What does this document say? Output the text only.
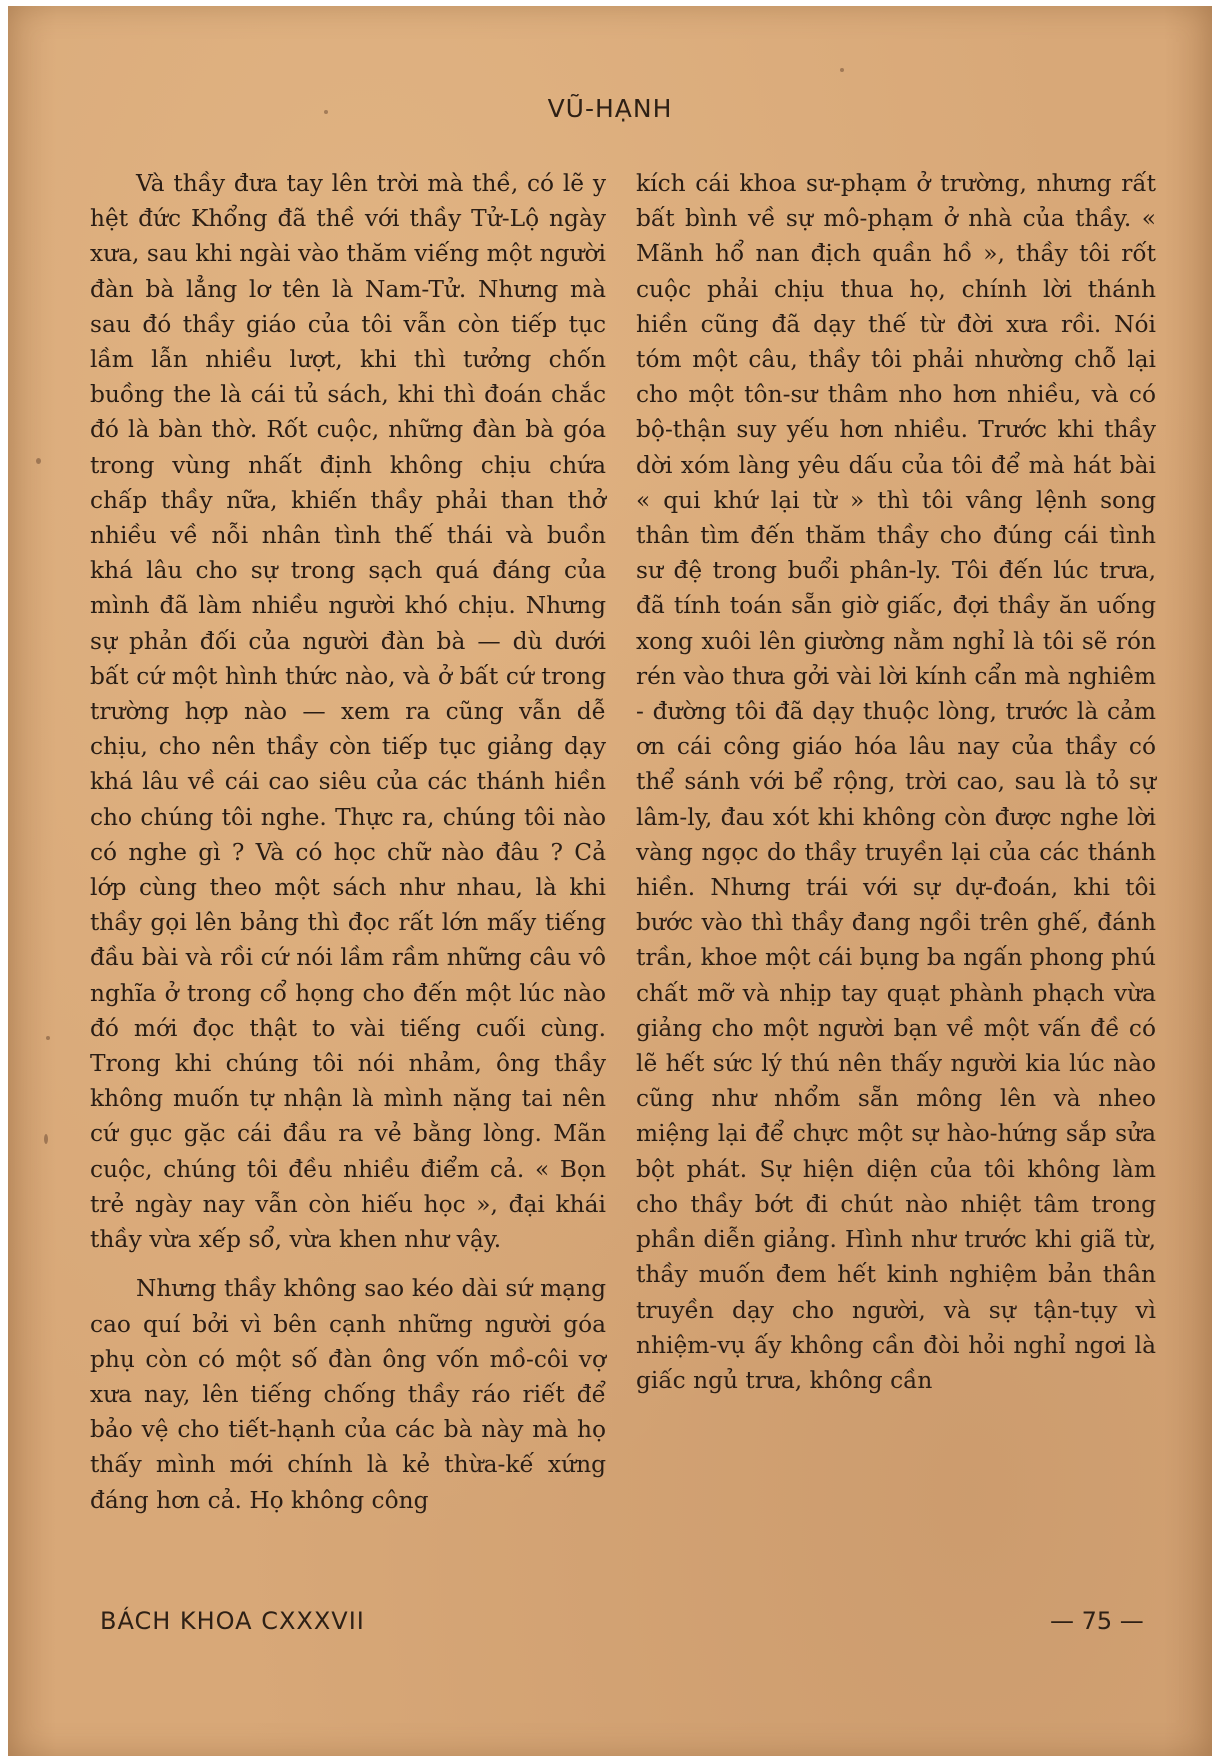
VŨ-HẠNH

Và thầy đưa tay lên trời mà thề, có lẽ y hệt đức Khổng đã thề với thầy Tử-Lộ ngày xưa, sau khi ngài vào thăm viếng một người đàn bà lẳng lơ tên là Nam-Tử. Nhưng mà sau đó thầy giáo của tôi vẫn còn tiếp tục lầm lẫn nhiều lượt, khi thì tưởng chốn buồng the là cái tủ sách, khi thì đoán chắc đó là bàn thờ. Rốt cuộc, những đàn bà góa trong vùng nhất định không chịu chứa chấp thầy nữa, khiến thầy phải than thở nhiều về nỗi nhân tình thế thái và buồn khá lâu cho sự trong sạch quá đáng của mình đã làm nhiều người khó chịu. Nhưng sự phản đối của người đàn bà — dù dưới bất cứ một hình thức nào, và ở bất cứ trong trường hợp nào — xem ra cũng vẫn dễ chịu, cho nên thầy còn tiếp tục giảng dạy khá lâu về cái cao siêu của các thánh hiền cho chúng tôi nghe. Thực ra, chúng tôi nào có nghe gì ? Và có học chữ nào đâu ? Cả lớp cùng theo một sách như nhau, là khi thầy gọi lên bảng thì đọc rất lớn mấy tiếng đầu bài và rồi cứ nói lầm rầm những câu vô nghĩa ở trong cổ họng cho đến một lúc nào đó mới đọc thật to vài tiếng cuối cùng. Trong khi chúng tôi nói nhảm, ông thầy không muốn tự nhận là mình nặng tai nên cứ gục gặc cái đầu ra vẻ bằng lòng. Mãn cuộc, chúng tôi đều nhiều điểm cả. « Bọn trẻ ngày nay vẫn còn hiếu học », đại khái thầy vừa xếp sổ, vừa khen như vậy.

Nhưng thầy không sao kéo dài sứ mạng cao quí bởi vì bên cạnh những người góa phụ còn có một số đàn ông vốn mồ-côi vợ xưa nay, lên tiếng chống thầy ráo riết để bảo vệ cho tiết-hạnh của các bà này mà họ thấy mình mới chính là kẻ thừa-kế xứng đáng hơn cả. Họ không công

kích cái khoa sư-phạm ở trường, nhưng rất bất bình về sự mô-phạm ở nhà của thầy. « Mãnh hổ nan địch quần hồ », thầy tôi rốt cuộc phải chịu thua họ, chính lời thánh hiền cũng đã dạy thế từ đời xưa rồi. Nói tóm một câu, thầy tôi phải nhường chỗ lại cho một tôn-sư thâm nho hơn nhiều, và có bộ-thận suy yếu hơn nhiều. Trước khi thầy dời xóm làng yêu dấu của tôi để mà hát bài « qui khứ lại từ » thì tôi vâng lệnh song thân tìm đến thăm thầy cho đúng cái tình sư đệ trong buổi phân-ly. Tôi đến lúc trưa, đã tính toán sẵn giờ giấc, đợi thầy ăn uống xong xuôi lên giường nằm nghỉ là tôi sẽ rón rén vào thưa gởi vài lời kính cẩn mà nghiêm - đường tôi đã dạy thuộc lòng, trước là cảm ơn cái công giáo hóa lâu nay của thầy có thể sánh với bể rộng, trời cao, sau là tỏ sự lâm-ly, đau xót khi không còn được nghe lời vàng ngọc do thầy truyền lại của các thánh hiền. Nhưng trái với sự dự-đoán, khi tôi bước vào thì thầy đang ngồi trên ghế, đánh trần, khoe một cái bụng ba ngấn phong phú chất mỡ và nhịp tay quạt phành phạch vừa giảng cho một người bạn về một vấn đề có lẽ hết sức lý thú nên thấy người kia lúc nào cũng như nhổm sẵn mông lên và nheo miệng lại để chực một sự hào-hứng sắp sửa bột phát. Sự hiện diện của tôi không làm cho thầy bớt đi chút nào nhiệt tâm trong phần diễn giảng. Hình như trước khi giã từ, thầy muốn đem hết kinh nghiệm bản thân truyền dạy cho người, và sự tận-tụy vì nhiệm-vụ ấy không cần đòi hỏi nghỉ ngơi là giấc ngủ trưa, không cần

BÁCH KHOA CXXXVII	— 75 —
